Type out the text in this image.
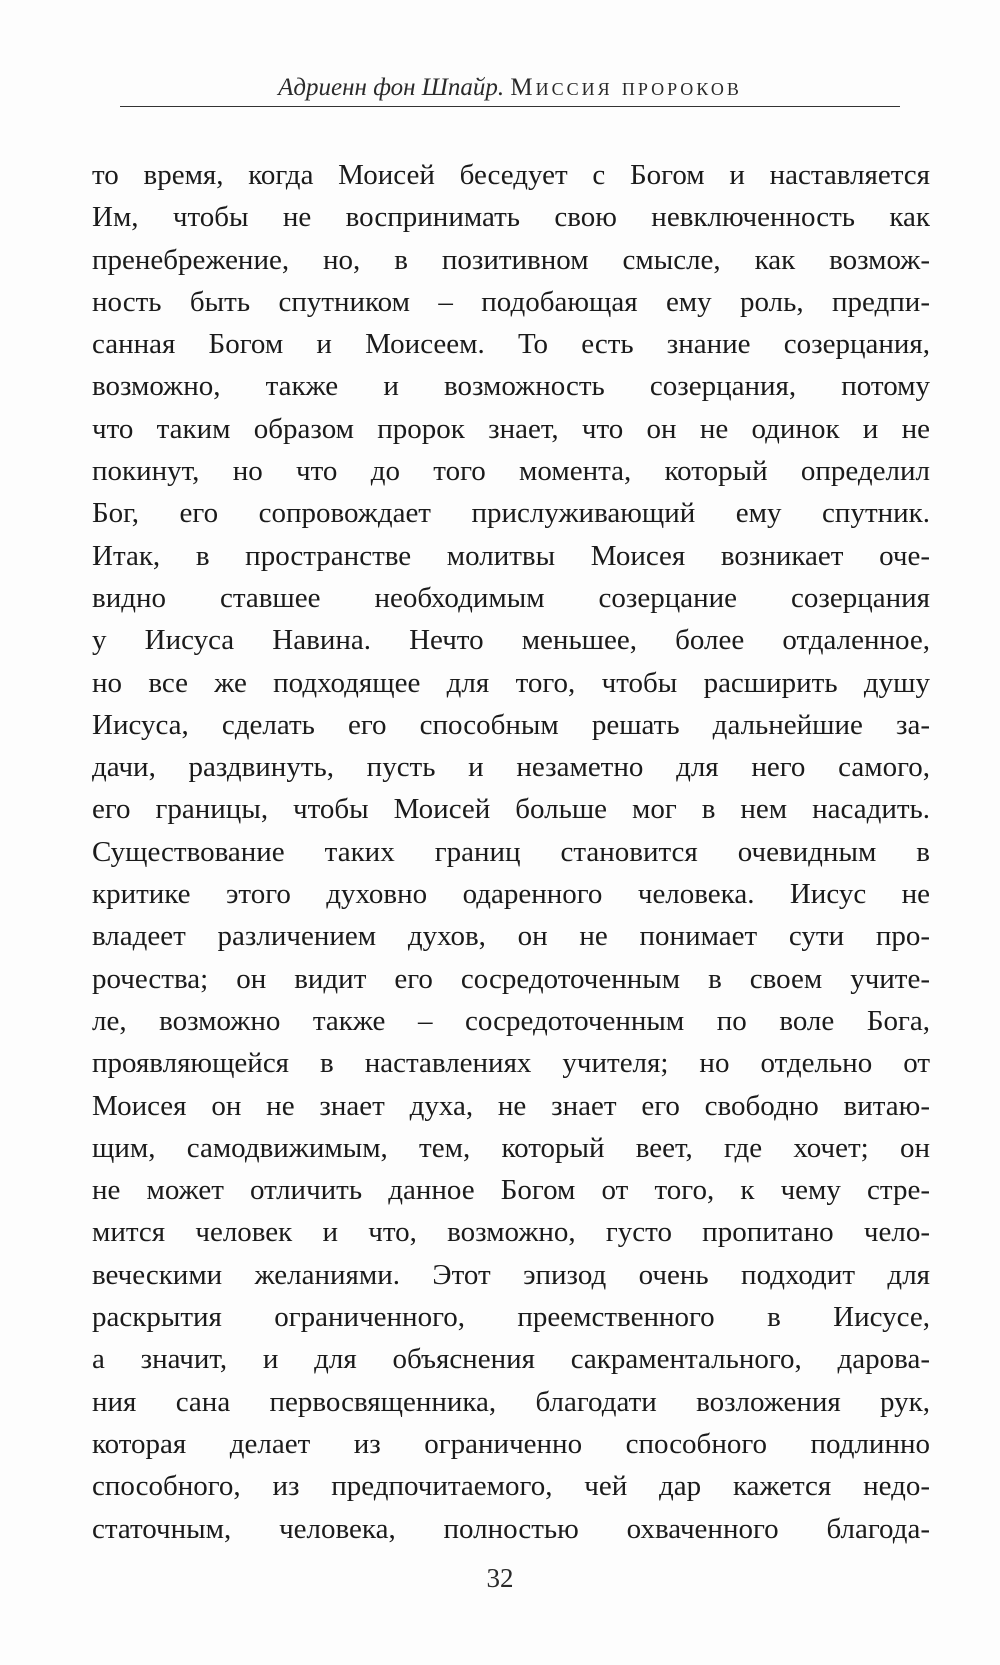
Адриенн фон Шпайр. Миссия пророков
то время, когда Моисей беседует с Богом и наставляется
Им, чтобы не воспринимать свою невключенность как
пренебрежение, но, в позитивном смысле, как возмож-
ность быть спутником – подобающая ему роль, предпи-
санная Богом и Моисеем. То есть знание созерцания,
возможно, также и возможность созерцания, потому
что таким образом пророк знает, что он не одинок и не
покинут, но что до того момента, который определил
Бог, его сопровождает прислуживающий ему спутник.
Итак, в пространстве молитвы Моисея возникает оче-
видно ставшее необходимым созерцание созерцания
у Иисуса Навина. Нечто меньшее, более отдаленное,
но все же подходящее для того, чтобы расширить душу
Иисуса, сделать его способным решать дальнейшие за-
дачи, раздвинуть, пусть и незаметно для него самого,
его границы, чтобы Моисей больше мог в нем насадить.
Существование таких границ становится очевидным в
критике этого духовно одаренного человека. Иисус не
владеет различением духов, он не понимает сути про-
рочества; он видит его сосредоточенным в своем учите-
ле, возможно также – сосредоточенным по воле Бога,
проявляющейся в наставлениях учителя; но отдельно от
Моисея он не знает духа, не знает его свободно витаю-
щим, самодвижимым, тем, который веет, где хочет; он
не может отличить данное Богом от того, к чему стре-
мится человек и что, возможно, густо пропитано чело-
веческими желаниями. Этот эпизод очень подходит для
раскрытия ограниченного, преемственного в Иисусе,
а значит, и для объяснения сакраментального, дарова-
ния сана первосвященника, благодати возложения рук,
которая делает из ограниченно способного подлинно
способного, из предпочитаемого, чей дар кажется недо-
статочным, человека, полностью охваченного благода-
32
